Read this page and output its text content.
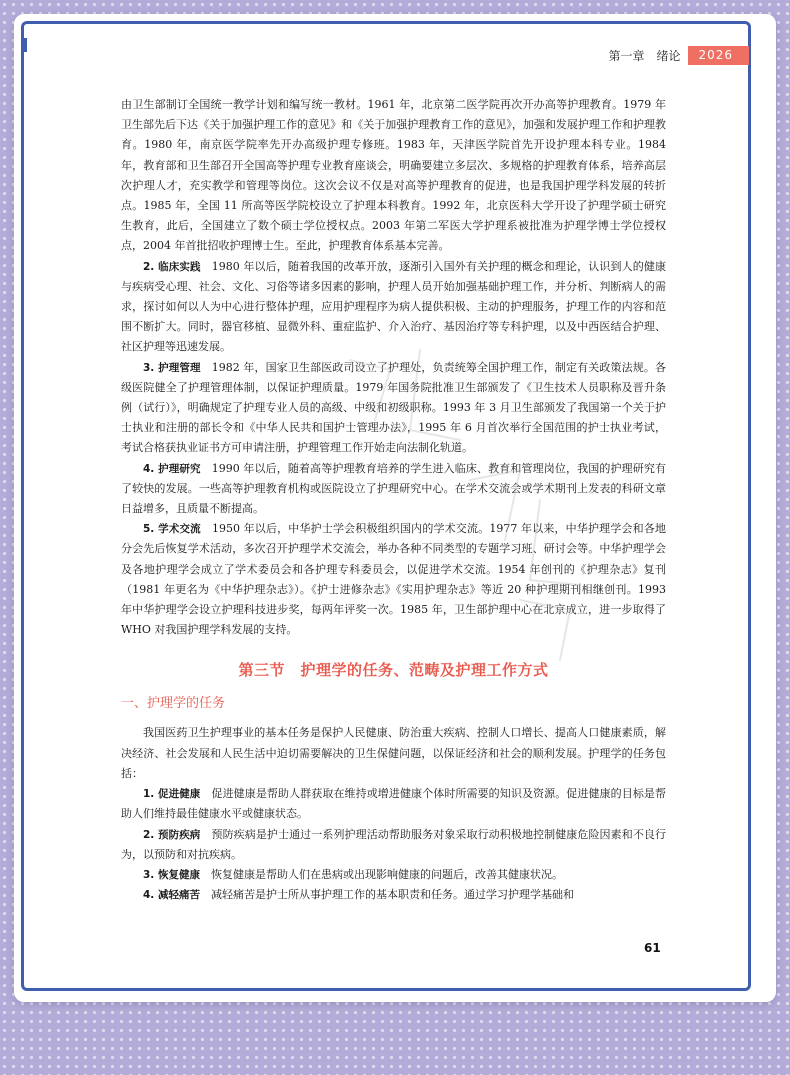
第一章　绪论	2026

由卫生部制订全国统一教学计划和编写统一教材。1961 年，北京第二医学院再次开办高等护理教育。1979 年卫生部先后下达《关于加强护理工作的意见》和《关于加强护理教育工作的意见》，加强和发展护理工作和护理教育。1980 年，南京医学院率先开办高级护理专修班。1983 年，天津医学院首先开设护理本科专业。1984 年，教育部和卫生部召开全国高等护理专业教育座谈会，明确要建立多层次、多规格的护理教育体系，培养高层次护理人才，充实教学和管理等岗位。这次会议不仅是对高等护理教育的促进，也是我国护理学科发展的转折点。1985 年，全国 11 所高等医学院校设立了护理本科教育。1992 年，北京医科大学开设了护理学硕士研究生教育，此后，全国建立了数个硕士学位授权点。2003 年第二军医大学护理系被批准为护理学博士学位授权点，2004 年首批招收护理博士生。至此，护理教育体系基本完善。

2. 临床实践　1980 年以后，随着我国的改革开放，逐渐引入国外有关护理的概念和理论，认识到人的健康与疾病受心理、社会、文化、习俗等诸多因素的影响，护理人员开始加强基础护理工作，并分析、判断病人的需求，探讨如何以人为中心进行整体护理，应用护理程序为病人提供积极、主动的护理服务，护理工作的内容和范围不断扩大。同时，器官移植、显微外科、重症监护、介入治疗、基因治疗等专科护理，以及中西医结合护理、社区护理等迅速发展。

3. 护理管理　1982 年，国家卫生部医政司设立了护理处，负责统筹全国护理工作，制定有关政策法规。各级医院健全了护理管理体制，以保证护理质量。1979 年国务院批准卫生部颁发了《卫生技术人员职称及晋升条例（试行）》，明确规定了护理专业人员的高级、中级和初级职称。1993 年 3 月卫生部颁发了我国第一个关于护士执业和注册的部长令和《中华人民共和国护士管理办法》，1995 年 6 月首次举行全国范围的护士执业考试，考试合格获执业证书方可申请注册，护理管理工作开始走向法制化轨道。

4. 护理研究　1990 年以后，随着高等护理教育培养的学生进入临床、教育和管理岗位，我国的护理研究有了较快的发展。一些高等护理教育机构或医院设立了护理研究中心。在学术交流会或学术期刊上发表的科研文章日益增多，且质量不断提高。

5. 学术交流　1950 年以后，中华护士学会积极组织国内的学术交流。1977 年以来，中华护理学会和各地分会先后恢复学术活动，多次召开护理学术交流会，举办各种不同类型的专题学习班、研讨会等。中华护理学会及各地护理学会成立了学术委员会和各护理专科委员会，以促进学术交流。1954 年创刊的《护理杂志》复刊（1981 年更名为《中华护理杂志》）。《护士进修杂志》《实用护理杂志》等近 20 种护理期刊相继创刊。1993 年中华护理学会设立护理科技进步奖，每两年评奖一次。1985 年，卫生部护理中心在北京成立，进一步取得了 WHO 对我国护理学科发展的支持。

第三节　护理学的任务、范畴及护理工作方式
一、护理学的任务

我国医药卫生护理事业的基本任务是保护人民健康、防治重大疾病、控制人口增长、提高人口健康素质，解决经济、社会发展和人民生活中迫切需要解决的卫生保健问题，以保证经济和社会的顺利发展。护理学的任务包括：

1. 促进健康　促进健康是帮助人群获取在维持或增进健康个体时所需要的知识及资源。促进健康的目标是帮助人们维持最佳健康水平或健康状态。

2. 预防疾病　预防疾病是护士通过一系列护理活动帮助服务对象采取行动积极地控制健康危险因素和不良行为，以预防和对抗疾病。

3. 恢复健康　恢复健康是帮助人们在患病或出现影响健康的问题后，改善其健康状况。

4. 减轻痛苦　减轻痛苦是护士所从事护理工作的基本职责和任务。通过学习护理学基础和

61
